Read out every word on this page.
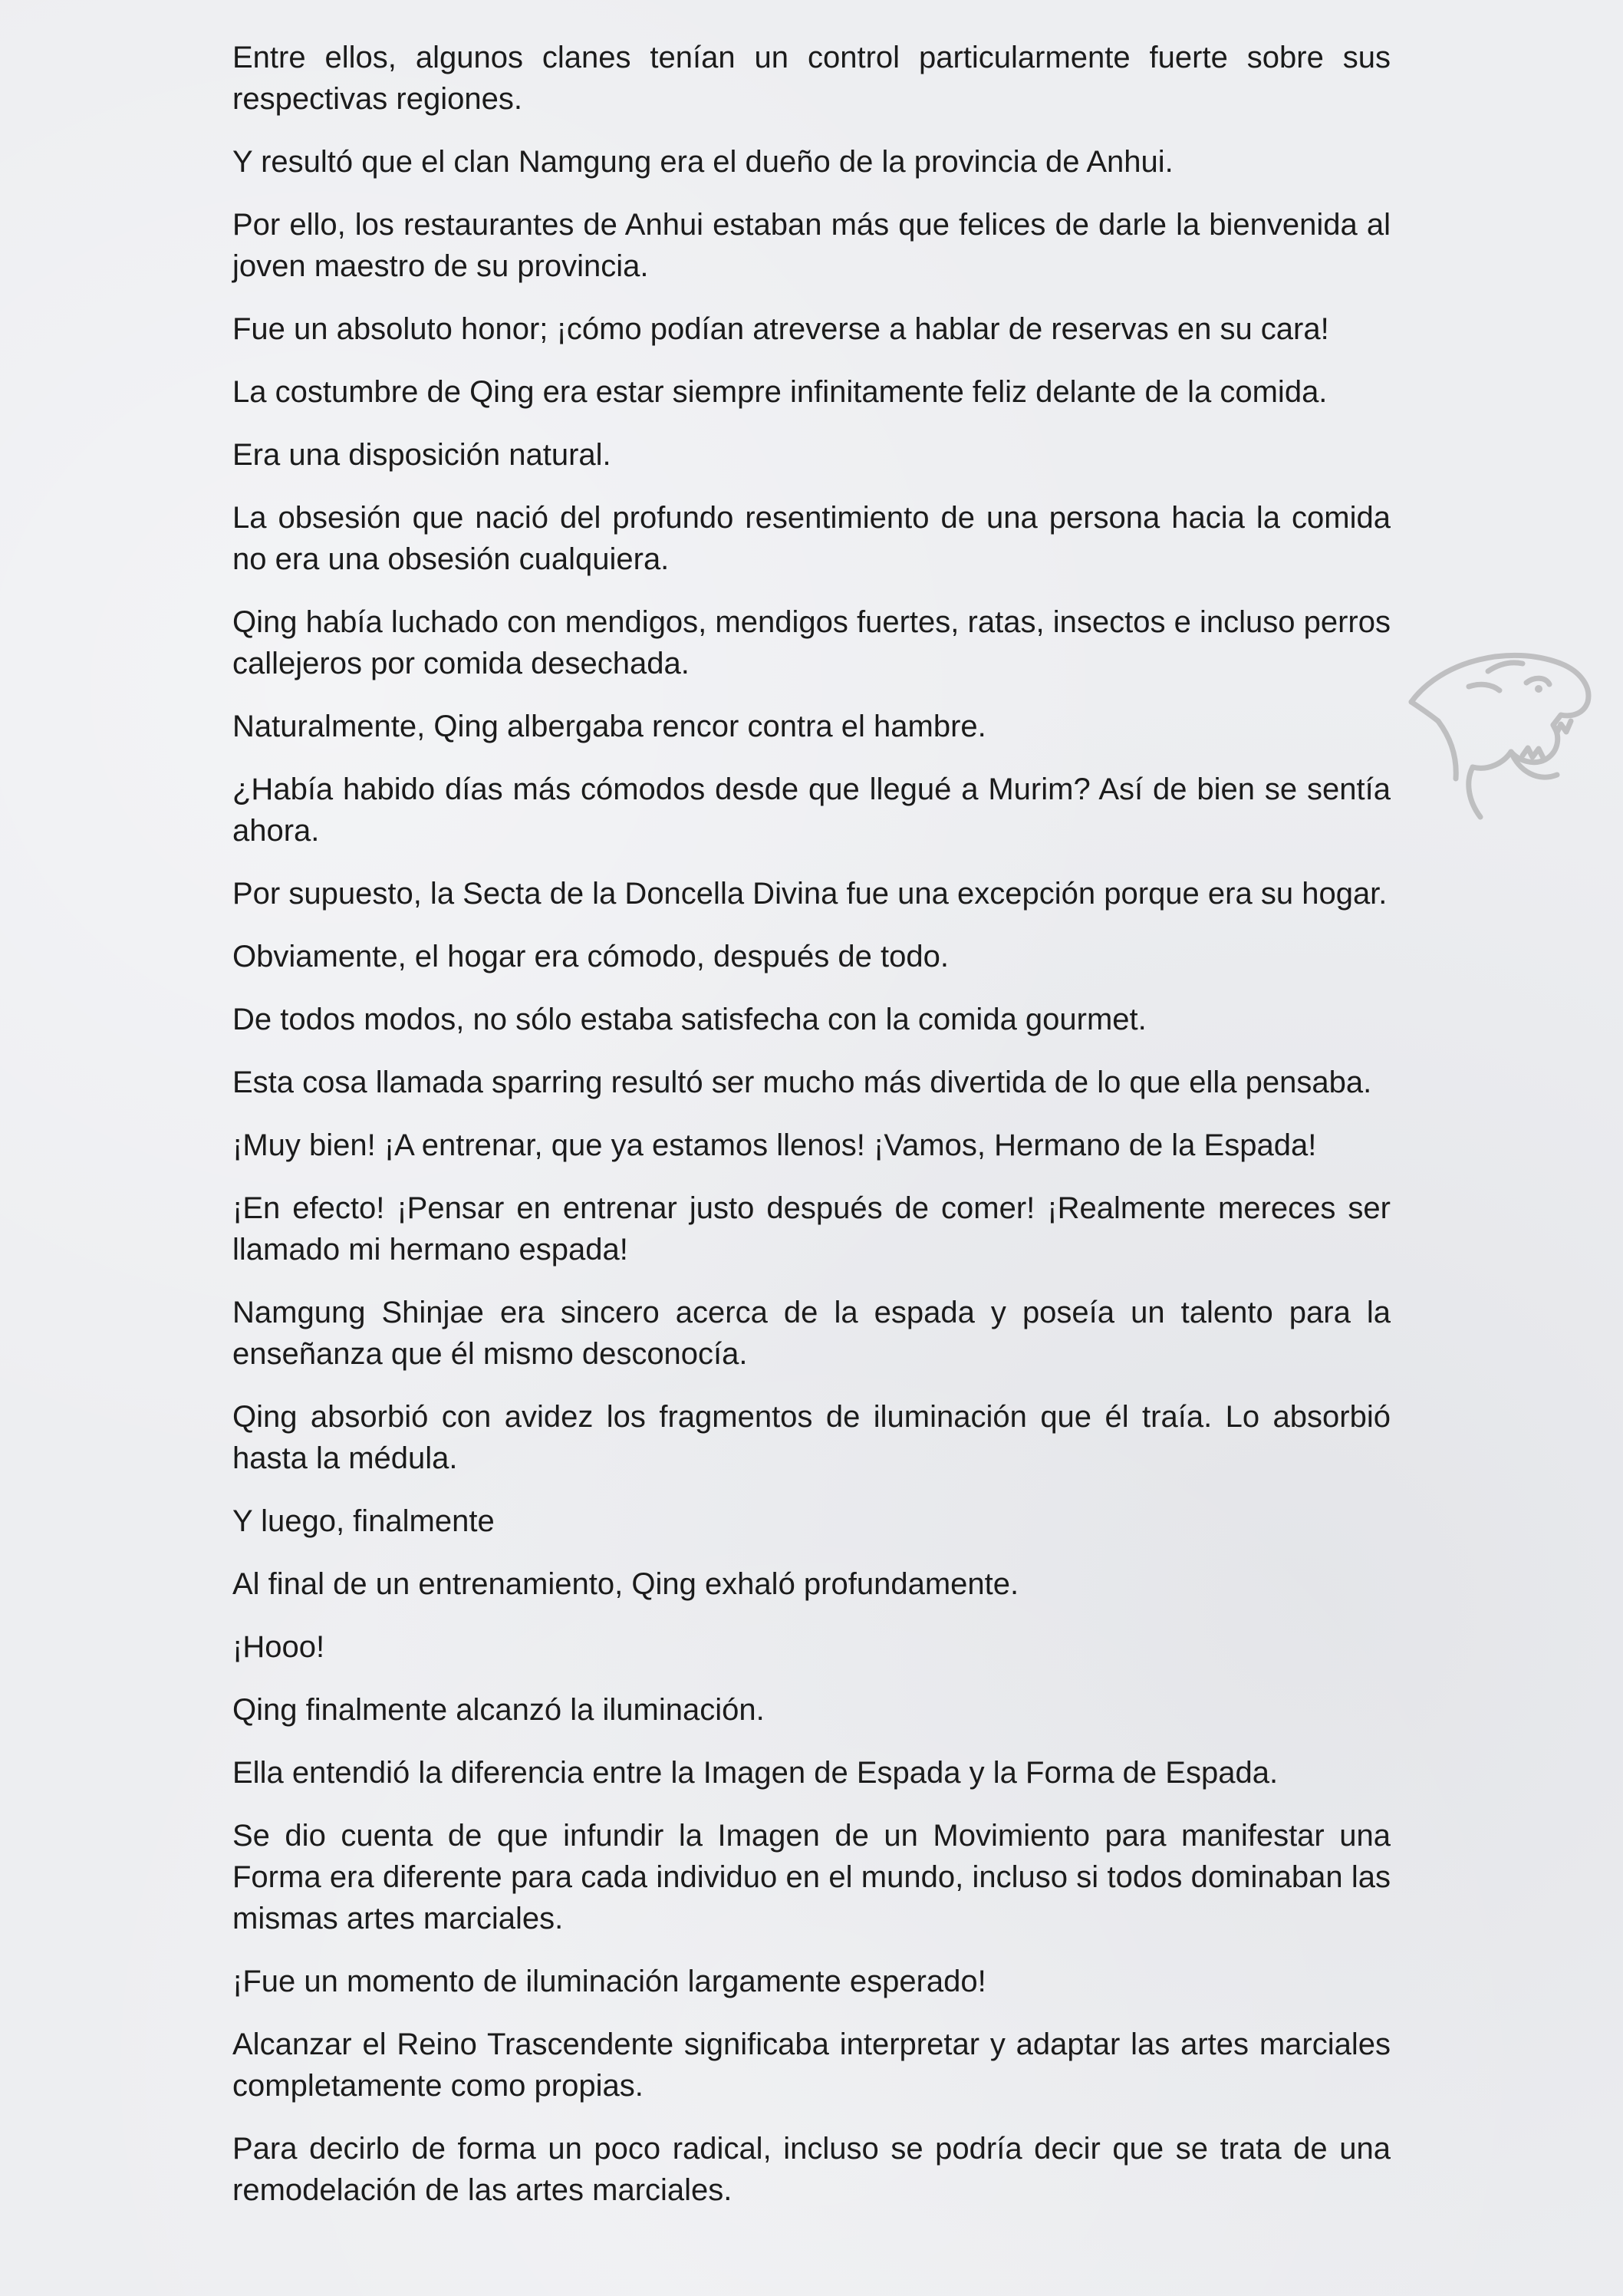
Entre ellos, algunos clanes tenían un control particularmente fuerte sobre sus respectivas regiones.

Y resultó que el clan Namgung era el dueño de la provincia de Anhui.

Por ello, los restaurantes de Anhui estaban más que felices de darle la bienvenida al joven maestro de su provincia.

Fue un absoluto honor; ¡cómo podían atreverse a hablar de reservas en su cara!

La costumbre de Qing era estar siempre infinitamente feliz delante de la comida.

Era una disposición natural.

La obsesión que nació del profundo resentimiento de una persona hacia la comida no era una obsesión cualquiera.

Qing había luchado con mendigos, mendigos fuertes, ratas, insectos e incluso perros callejeros por comida desechada.

Naturalmente, Qing albergaba rencor contra el hambre.

¿Había habido días más cómodos desde que llegué a Murim? Así de bien se sentía ahora.

Por supuesto, la Secta de la Doncella Divina fue una excepción porque era su hogar.

Obviamente, el hogar era cómodo, después de todo.

De todos modos, no sólo estaba satisfecha con la comida gourmet.

Esta cosa llamada sparring resultó ser mucho más divertida de lo que ella pensaba.

¡Muy bien! ¡A entrenar, que ya estamos llenos! ¡Vamos, Hermano de la Espada!

¡En efecto! ¡Pensar en entrenar justo después de comer! ¡Realmente mereces ser llamado mi hermano espada!

Namgung Shinjae era sincero acerca de la espada y poseía un talento para la enseñanza que él mismo desconocía.

Qing absorbió con avidez los fragmentos de iluminación que él traía. Lo absorbió hasta la médula.

Y luego, finalmente

Al final de un entrenamiento, Qing exhaló profundamente.

¡Hooo!

Qing finalmente alcanzó la iluminación.

Ella entendió la diferencia entre la Imagen de Espada y la Forma de Espada.

Se dio cuenta de que infundir la Imagen de un Movimiento para manifestar una Forma era diferente para cada individuo en el mundo, incluso si todos dominaban las mismas artes marciales.

¡Fue un momento de iluminación largamente esperado!

Alcanzar el Reino Trascendente significaba interpretar y adaptar las artes marciales completamente como propias.

Para decirlo de forma un poco radical, incluso se podría decir que se trata de una remodelación de las artes marciales.
